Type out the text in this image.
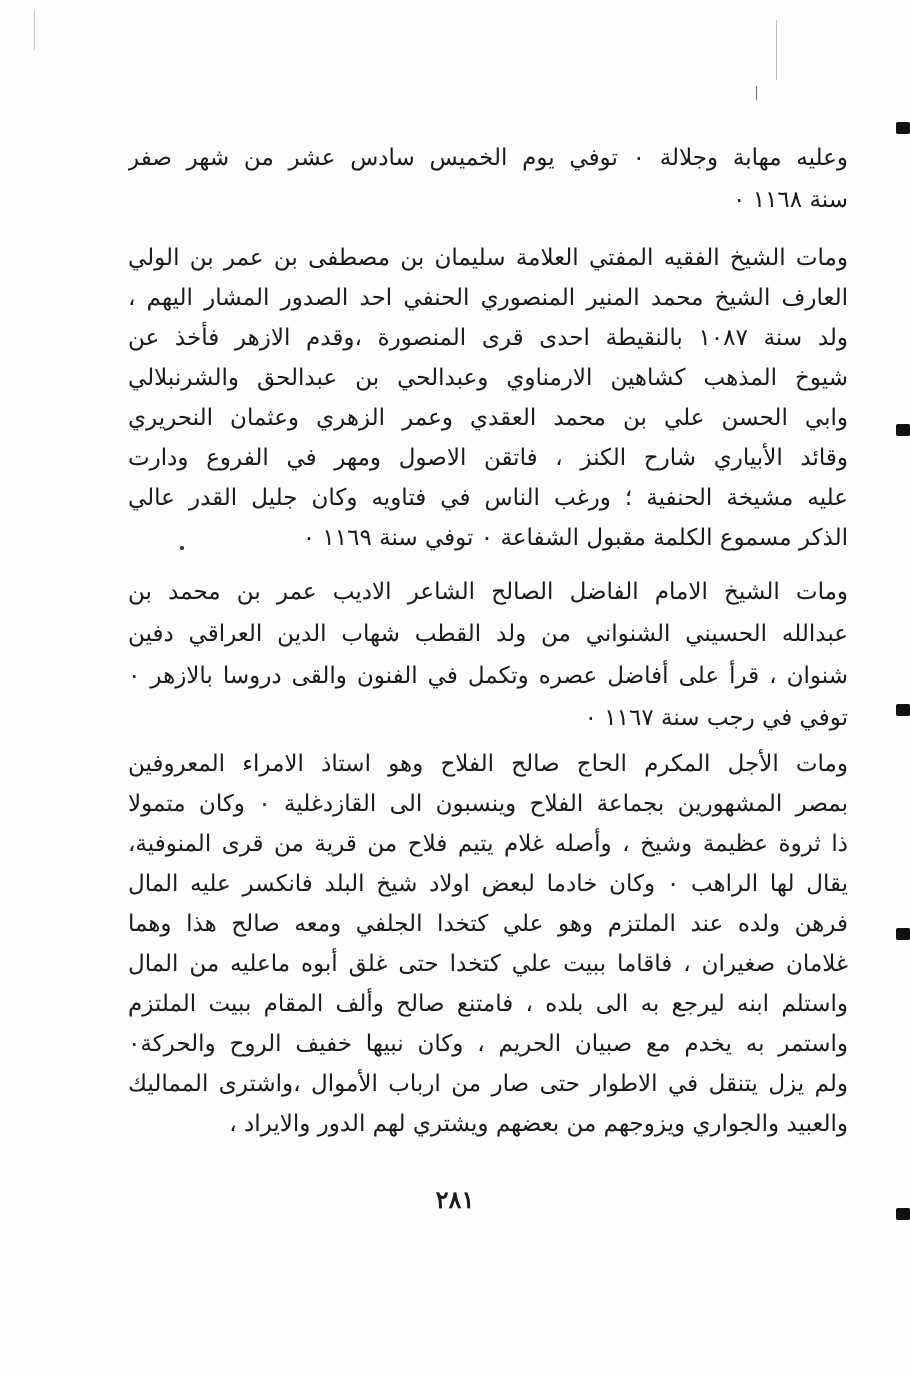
وعليه مهابة وجلالة ٠ توفي يوم الخميس سادس عشر من شهر صفر
سنة ١١٦٨ ٠
ومات الشيخ الفقيه المفتي العلامة سليمان بن مصطفى بن عمر بن الولي
العارف الشيخ محمد المنير المنصوري الحنفي احد الصدور المشار اليهم ،
ولد سنة ١٠٨٧ بالنقيطة احدى قرى المنصورة ،وقدم الازهر فأخذ عن
شيوخ المذهب كشاهين الارمناوي وعبدالحي بن عبدالحق والشرنبلالي
وابي الحسن علي بن محمد العقدي وعمر الزهري وعثمان النحريري
وقائد الأبياري شارح الكنز ، فاتقن الاصول ومهر في الفروع ودارت
عليه مشيخة الحنفية ؛ ورغب الناس في فتاويه وكان جليل القدر عالي
الذكر مسموع الكلمة مقبول الشفاعة ٠ توفي سنة ١١٦٩ ٠
ومات الشيخ الامام الفاضل الصالح الشاعر الاديب عمر بن محمد بن
عبدالله الحسيني الشنواني من ولد القطب شهاب الدين العراقي دفين
شنوان ، قرأ على أفاضل عصره وتكمل في الفنون والقى دروسا بالازهر ٠
توفي في رجب سنة ١١٦٧ ٠
ومات الأجل المكرم الحاج صالح الفلاح وهو استاذ الامراء المعروفين
بمصر المشهورين بجماعة الفلاح وينسبون الى القازدغلية ٠ وكان متمولا
ذا ثروة عظيمة وشيخ ، وأصله غلام يتيم فلاح من قرية من قرى المنوفية،
يقال لها الراهب ٠ وكان خادما لبعض اولاد شيخ البلد فانكسر عليه المال
فرهن ولده عند الملتزم وهو علي كتخدا الجلفي ومعه صالح هذا وهما
غلامان صغيران ، فاقاما ببيت علي كتخدا حتى غلق أبوه ماعليه من المال
واستلم ابنه ليرجع به الى بلده ، فامتنع صالح وألف المقام ببيت الملتزم
واستمر به يخدم مع صبيان الحريم ، وكان نبيها خفيف الروح والحركة٠
ولم يزل يتنقل في الاطوار حتى صار من ارباب الأموال ،واشترى المماليك
والعبيد والجواري ويزوجهم من بعضهم ويشتري لهم الدور والايراد ،
٢٨١
